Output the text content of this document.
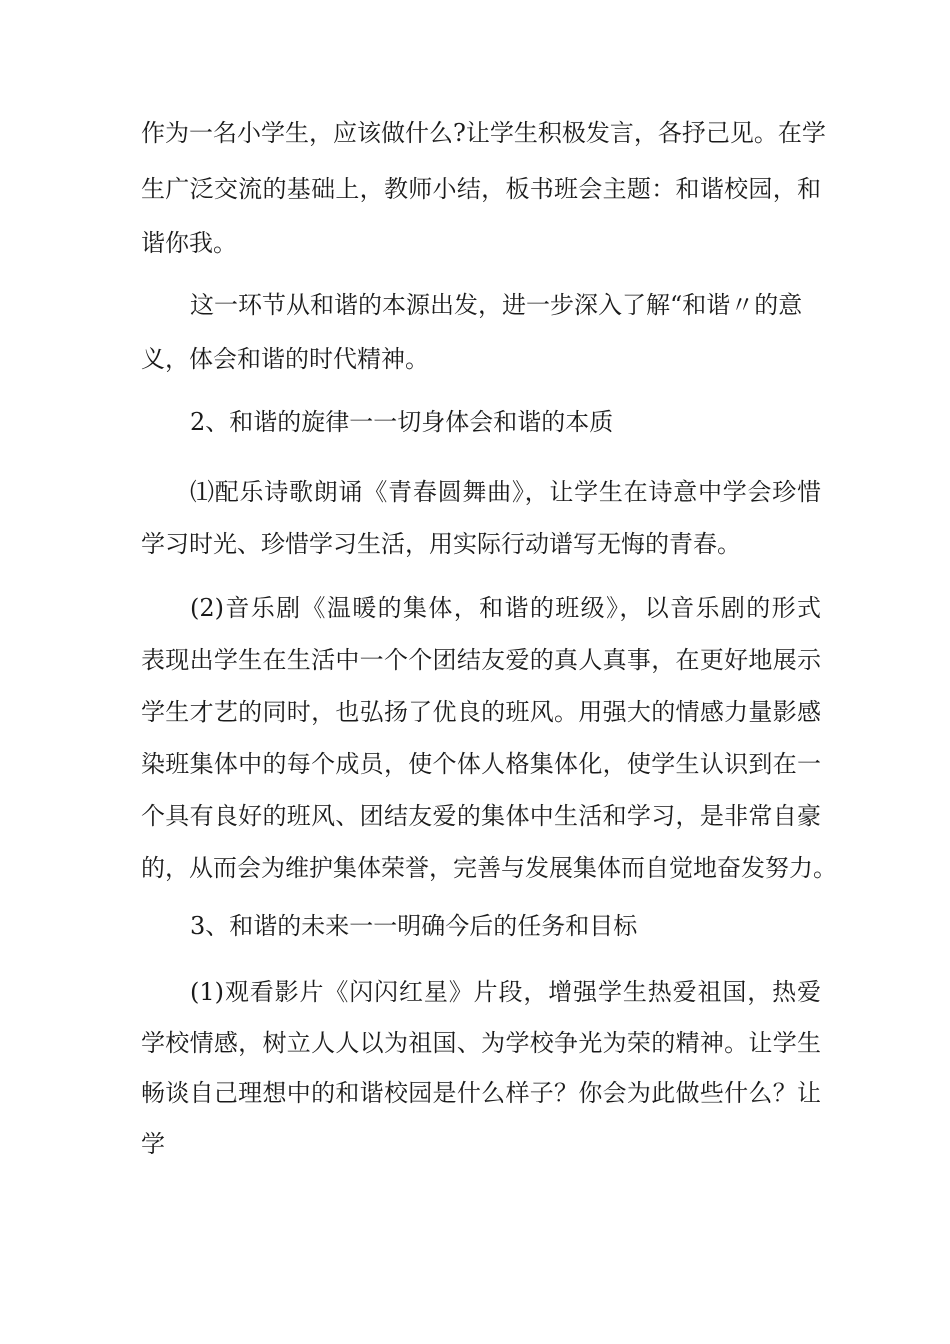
作为一名小学生，应该做什么?让学生积极发言，各抒己见。在学
生广泛交流的基础上，教师小结，板书班会主题：和谐校园，和
谐你我。
这一环节从和谐的本源出发，进一步深入了解“和谐〃的意
义，体会和谐的时代精神。
2、和谐的旋律一一切身体会和谐的本质
⑴配乐诗歌朗诵《青春圆舞曲》，让学生在诗意中学会珍惜
学习时光、珍惜学习生活，用实际行动谱写无悔的青春。
(2)音乐剧《温暖的集体，和谐的班级》，以音乐剧的形式
表现出学生在生活中一个个团结友爱的真人真事，在更好地展示
学生才艺的同时，也弘扬了优良的班风。用强大的情感力量影感
染班集体中的每个成员，使个体人格集体化，使学生认识到在一
个具有良好的班风、团结友爱的集体中生活和学习，是非常自豪
的，从而会为维护集体荣誉，完善与发展集体而自觉地奋发努力。
3、和谐的未来一一明确今后的任务和目标
(1)观看影片《闪闪红星》片段，增强学生热爱祖国，热爱
学校情感，树立人人以为祖国、为学校争光为荣的精神。让学生
畅谈自己理想中的和谐校园是什么样子？你会为此做些什么？让
学
